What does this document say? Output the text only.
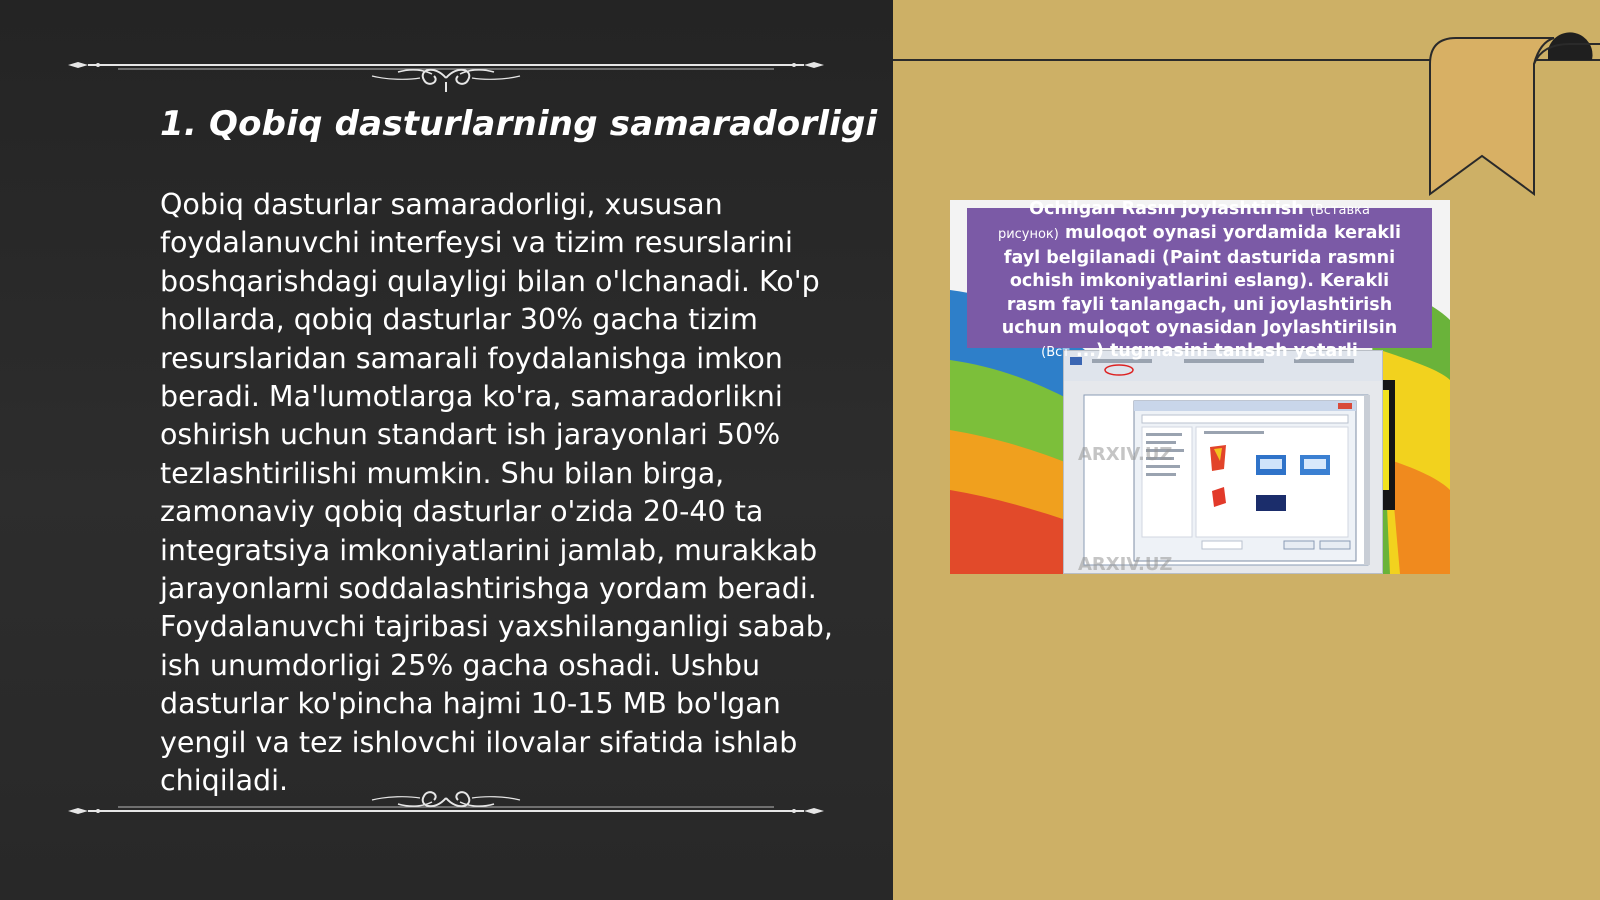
1. Qobiq dasturlarning samaradorligi

Qobiq dasturlar samaradorligi, xususan foydalanuvchi interfeysi va tizim resurslarini boshqarishdagi qulayligi bilan o'lchanadi. Ko'p hollarda, qobiq dasturlar 30% gacha tizim resurslaridan samarali foydalanishga imkon beradi. Ma'lumotlarga ko'ra, samaradorlikni oshirish uchun standart ish jarayonlari 50% tezlashtirilishi mumkin. Shu bilan birga, zamonaviy qobiq dasturlar o'zida 20-40 ta integratsiya imkoniyatlarini jamlab, murakkab jarayonlarni soddalashtirishga yordam beradi. Foydalanuvchi tajribasi yaxshilanganligi sabab, ish unumdorligi 25% gacha oshadi. Ushbu dasturlar ko'pincha hajmi 10-15 MB bo'lgan yengil va tez ishlovchi ilovalar sifatida ishlab chiqiladi.

ARXIV.UZ
ARXIV.UZ
Ochilgan Rasm joylashtirish (Вставка
рисунок) muloqot oynasi yordamida kerakli
fayl belgilanadi (Paint dasturida rasmni
ochish imkoniyatlarini eslang). Kerakli
rasm fayli tanlangach, uni joylashtirish
uchun muloqot oynasidan Joylashtirilsin
(Вст ...) tugmasini tanlash yetarli
